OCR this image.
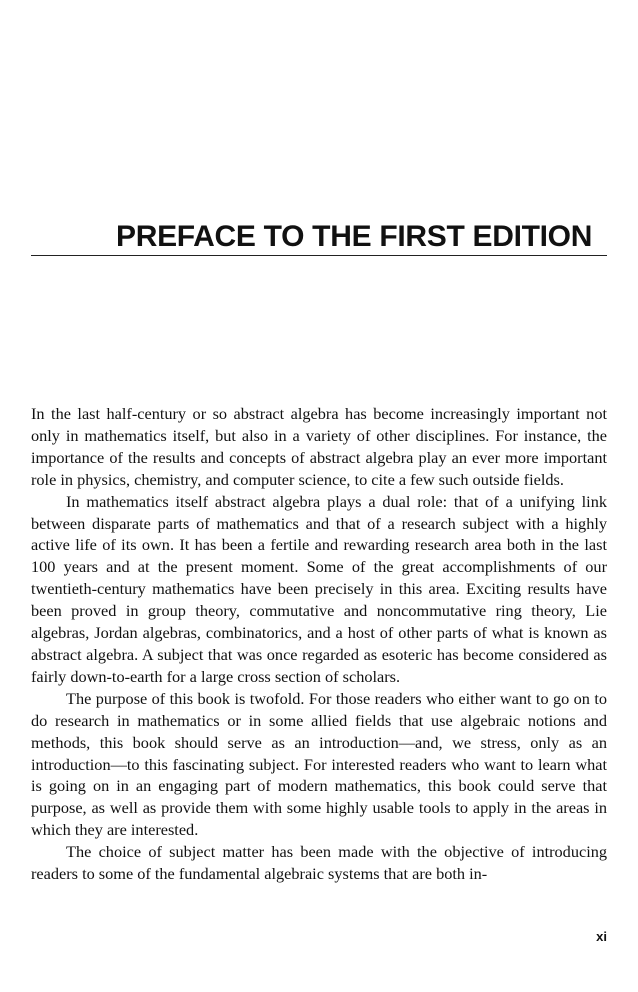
PREFACE TO THE FIRST EDITION

In the last half-century or so abstract algebra has become increasingly important not only in mathematics itself, but also in a variety of other disciplines. For instance, the importance of the results and concepts of abstract algebra play an ever more important role in physics, chemistry, and computer science, to cite a few such outside fields.

In mathematics itself abstract algebra plays a dual role: that of a unifying link between disparate parts of mathematics and that of a research subject with a highly active life of its own. It has been a fertile and rewarding research area both in the last 100 years and at the present moment. Some of the great accomplishments of our twentieth-century mathematics have been precisely in this area. Exciting results have been proved in group theory, commutative and noncommutative ring theory, Lie algebras, Jordan algebras, combinatorics, and a host of other parts of what is known as abstract algebra. A subject that was once regarded as esoteric has become considered as fairly down-to-earth for a large cross section of scholars.

The purpose of this book is twofold. For those readers who either want to go on to do research in mathematics or in some allied fields that use algebraic notions and methods, this book should serve as an introduction—and, we stress, only as an introduction—to this fascinating subject. For interested readers who want to learn what is going on in an engaging part of modern mathematics, this book could serve that purpose, as well as provide them with some highly usable tools to apply in the areas in which they are interested.

The choice of subject matter has been made with the objective of introducing readers to some of the fundamental algebraic systems that are both in-

xi
